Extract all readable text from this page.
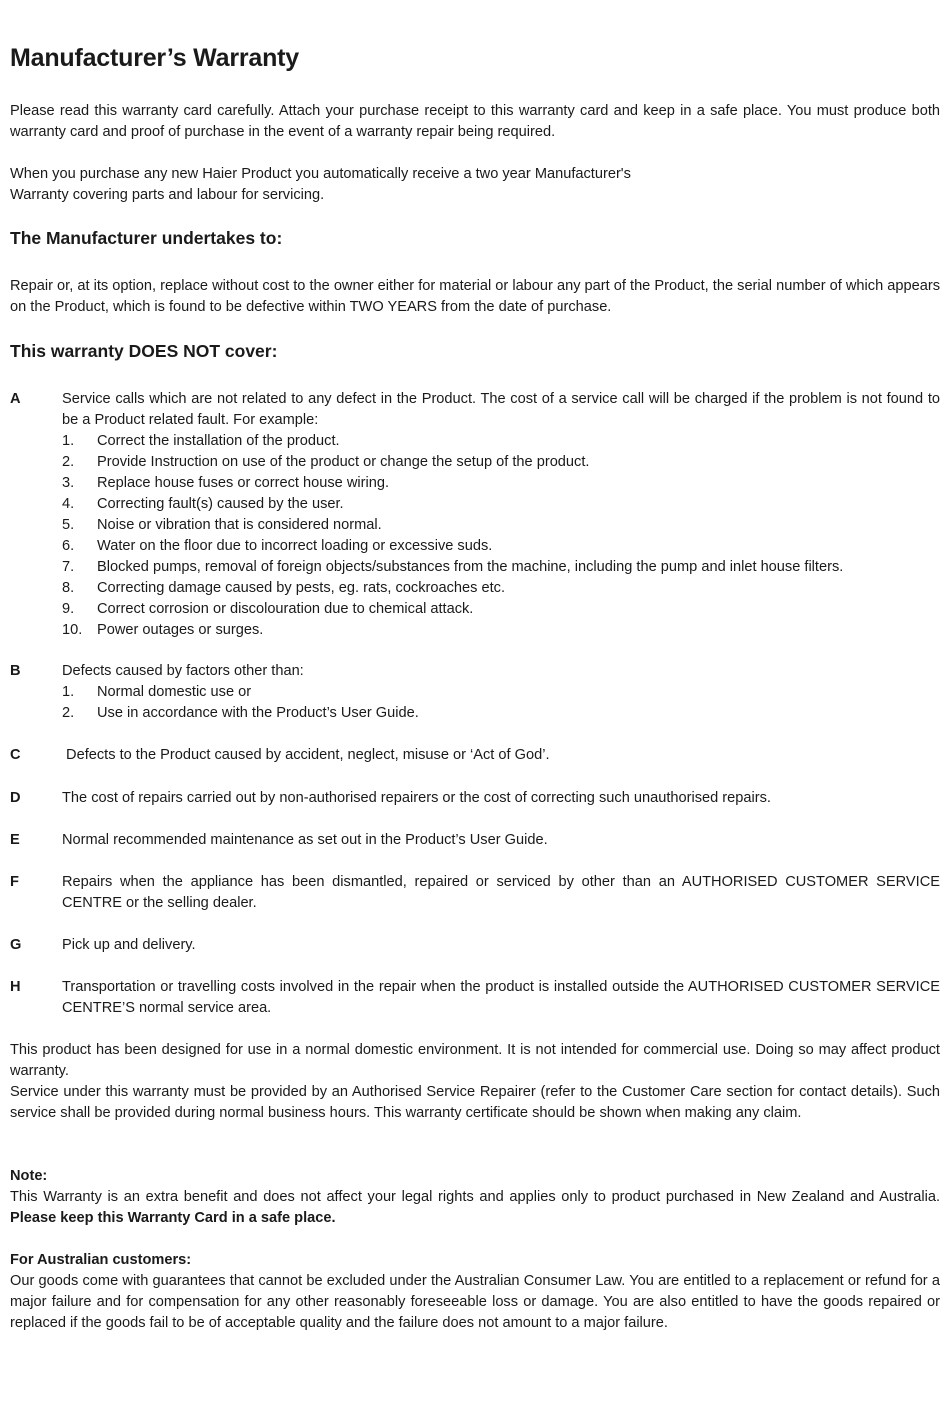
Manufacturer’s Warranty

Please read this warranty card carefully. Attach your purchase receipt to this warranty card and keep in a safe place. You must produce both warranty card and proof of purchase in the event of a warranty repair being required.

When you purchase any new Haier Product you automatically receive a two year Manufacturer's
Warranty covering parts and labour for servicing.

The Manufacturer undertakes to:

Repair or, at its option, replace without cost to the owner either for material or labour any part of the Product, the serial number of which appears on the Product, which is found to be defective within TWO YEARS from the date of purchase.

This warranty DOES NOT cover:
A	Service calls which are not related to any defect in the Product. The cost of a service call will be charged if the problem is not found to be a Product related fault. For example:
1. Correct the installation of the product.
2. Provide Instruction on use of the product or change the setup of the product.
3. Replace house fuses or correct house wiring.
4. Correcting fault(s) caused by the user.
5. Noise or vibration that is considered normal.
6. Water on the floor due to incorrect loading or excessive suds.
7. Blocked pumps, removal of foreign objects/substances from the machine, including the pump and inlet house filters.
8. Correcting damage caused by pests, eg. rats, cockroaches etc.
9. Correct corrosion or discolouration due to chemical attack.
10. Power outages or surges.
B	Defects caused by factors other than:
1. Normal domestic use or
2. Use in accordance with the Product’s User Guide.
C	Defects to the Product caused by accident, neglect, misuse or ‘Act of God’.
D	The cost of repairs carried out by non-authorised repairers or the cost of correcting such unauthorised repairs.
E	Normal recommended maintenance as set out in the Product’s User Guide.
F	Repairs when the appliance has been dismantled, repaired or serviced by other than an AUTHORISED CUSTOMER SERVICE CENTRE or the selling dealer.
G	Pick up and delivery.
H	Transportation or travelling costs involved in the repair when the product is installed outside the AUTHORISED CUSTOMER SERVICE CENTRE’S normal service area.

This product has been designed for use in a normal domestic environment. It is not intended for commercial use. Doing so may affect product warranty.
Service under this warranty must be provided by an Authorised Service Repairer (refer to the Customer Care section for contact details). Such service shall be provided during normal business hours. This warranty certificate should be shown when making any claim.

Note:
This Warranty is an extra benefit and does not affect your legal rights and applies only to product purchased in New Zealand and Australia. Please keep this Warranty Card in a safe place.

For Australian customers:
Our goods come with guarantees that cannot be excluded under the Australian Consumer Law. You are entitled to a replacement or refund for a major failure and for compensation for any other reasonably foreseeable loss or damage. You are also entitled to have the goods repaired or replaced if the goods fail to be of acceptable quality and the failure does not amount to a major failure.
